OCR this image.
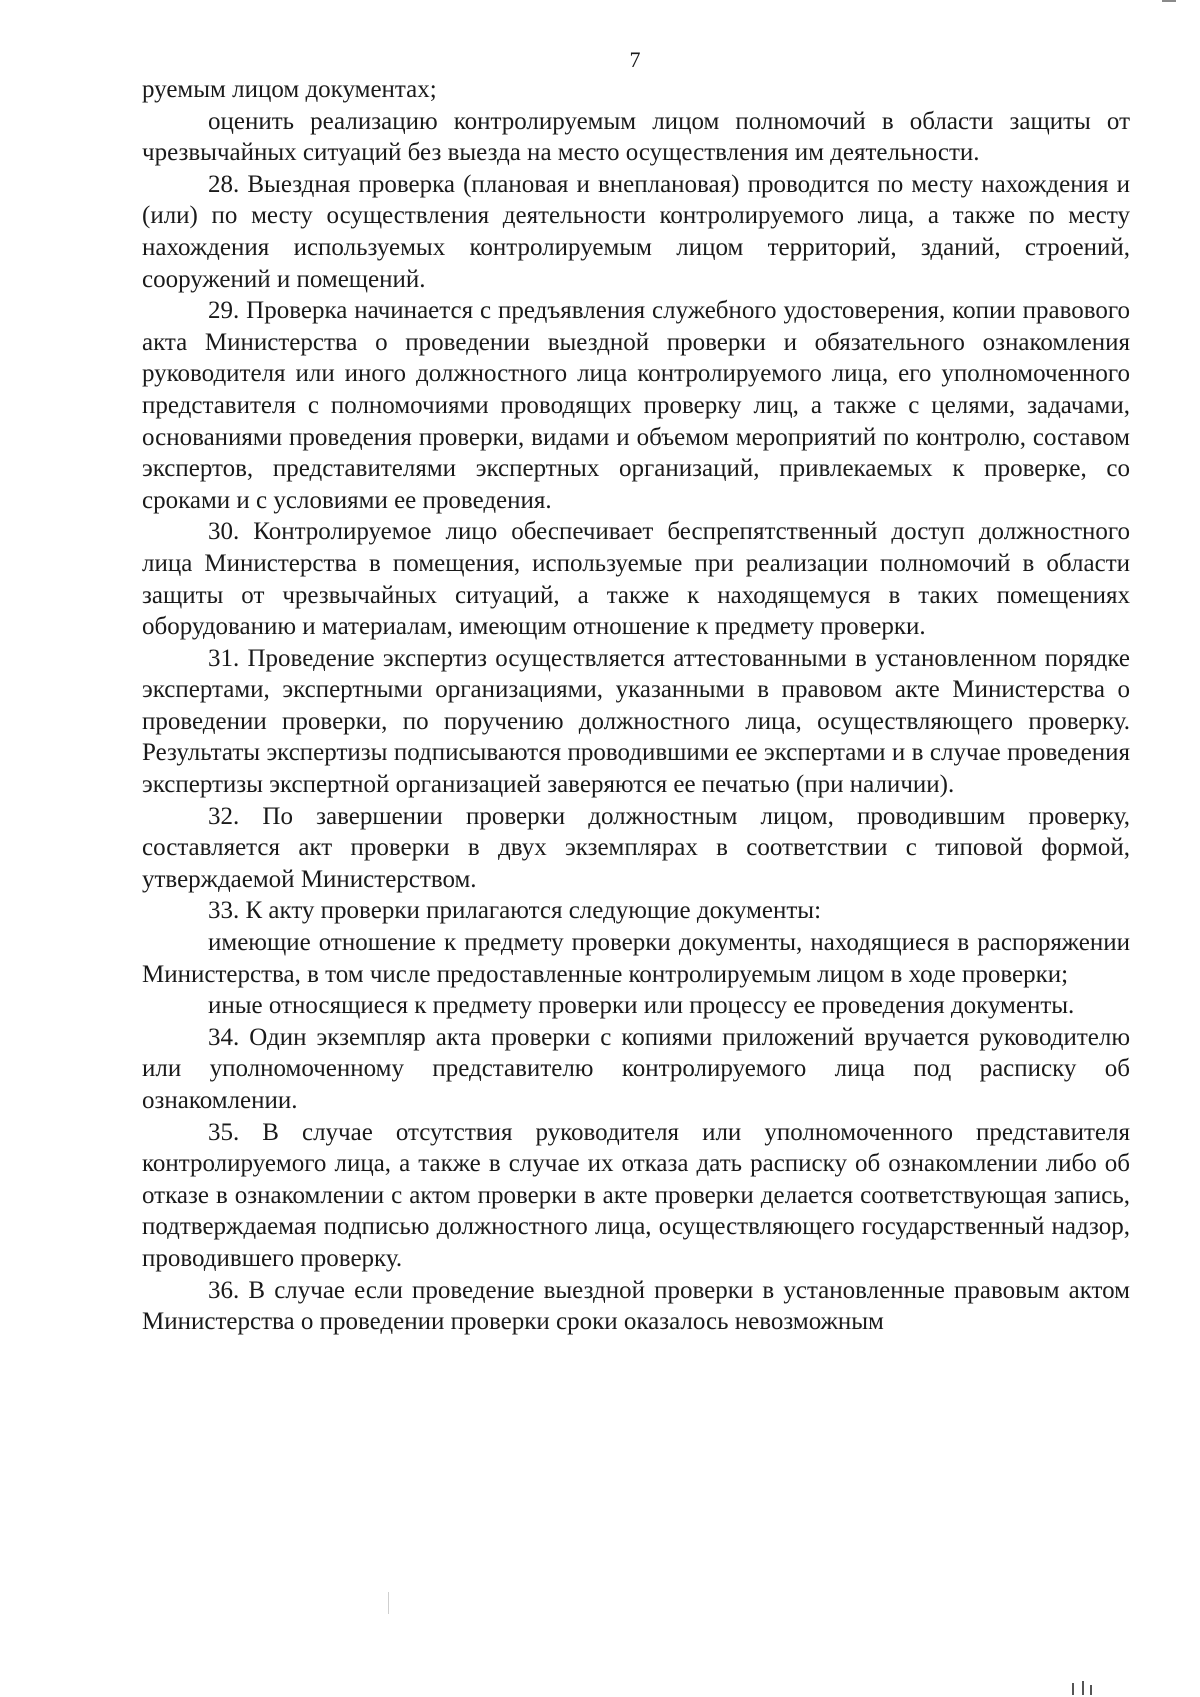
7

руемым лицом документах;

оценить реализацию контролируемым лицом полномочий в области защиты от чрезвычайных ситуаций без выезда на место осуществления им деятельности.

28. Выездная проверка (плановая и внеплановая) проводится по месту нахождения и (или) по месту осуществления деятельности контролируемого лица, а также по месту нахождения используемых контролируемым лицом территорий, зданий, строений, сооружений и помещений.

29. Проверка начинается с предъявления служебного удостоверения, копии правового акта Министерства о проведении выездной проверки и обязательного ознакомления руководителя или иного должностного лица контролируемого лица, его уполномоченного представителя с полномочиями проводящих проверку лиц, а также с целями, задачами, основаниями проведения проверки, видами и объемом мероприятий по контролю, составом экспертов, представителями экспертных организаций, привлекаемых к проверке, со сроками и с условиями ее проведения.

30. Контролируемое лицо обеспечивает беспрепятственный доступ должностного лица Министерства в помещения, используемые при реализации полномочий в области защиты от чрезвычайных ситуаций, а также к находящемуся в таких помещениях оборудованию и материалам, имеющим отношение к предмету проверки.

31. Проведение экспертиз осуществляется аттестованными в установленном порядке экспертами, экспертными организациями, указанными в правовом акте Министерства о проведении проверки, по поручению должностного лица, осуществляющего проверку. Результаты экспертизы подписываются проводившими ее экспертами и в случае проведения экспертизы экспертной организацией заверяются ее печатью (при наличии).

32. По завершении проверки должностным лицом, проводившим проверку, составляется акт проверки в двух экземплярах в соответствии с типовой формой, утверждаемой Министерством.

33. К акту проверки прилагаются следующие документы:

имеющие отношение к предмету проверки документы, находящиеся в распоряжении Министерства, в том числе предоставленные контролируемым лицом в ходе проверки;

иные относящиеся к предмету проверки или процессу ее проведения документы.

34. Один экземпляр акта проверки с копиями приложений вручается руководителю или уполномоченному представителю контролируемого лица под расписку об ознакомлении.

35. В случае отсутствия руководителя или уполномоченного представителя контролируемого лица, а также в случае их отказа дать расписку об ознакомлении либо об отказе в ознакомлении с актом проверки в акте проверки делается соответствующая запись, подтверждаемая подписью должностного лица, осуществляющего государственный надзор, проводившего проверку.

36. В случае если проведение выездной проверки в установленные правовым актом Министерства о проведении проверки сроки оказалось невозможным
